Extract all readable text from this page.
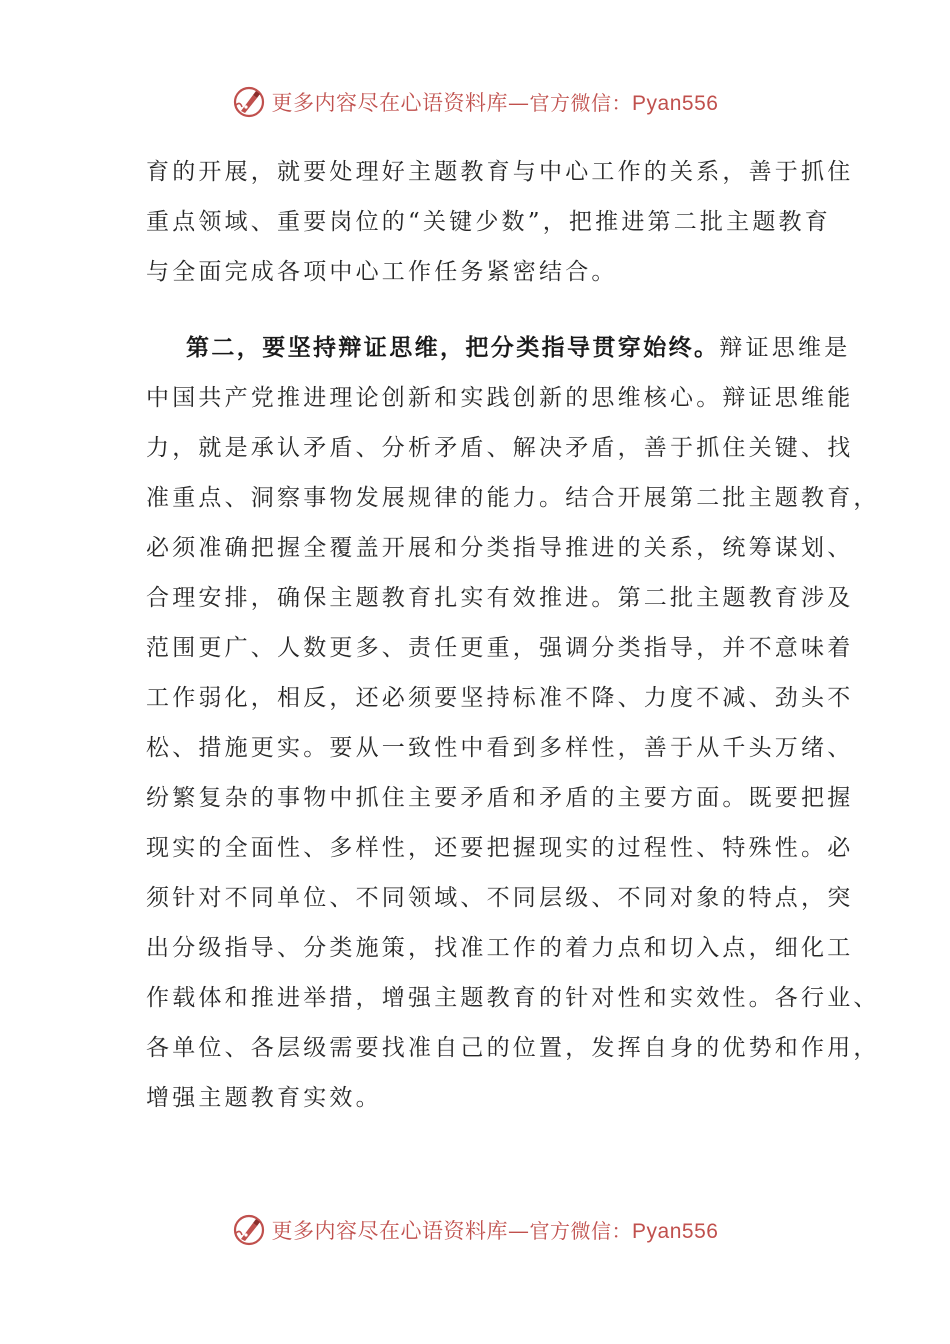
更多内容尽在心语资料库—官方微信：Pyan556
育的开展，就要处理好主题教育与中心工作的关系，善于抓住
重点领域、重要岗位的“关键少数”，把推进第二批主题教育
与全面完成各项中心工作任务紧密结合。
第二，要坚持辩证思维，把分类指导贯穿始终。辩证思维是
中国共产党推进理论创新和实践创新的思维核心。辩证思维能
力，就是承认矛盾、分析矛盾、解决矛盾，善于抓住关键、找
准重点、洞察事物发展规律的能力。结合开展第二批主题教育，
必须准确把握全覆盖开展和分类指导推进的关系，统筹谋划、
合理安排，确保主题教育扎实有效推进。第二批主题教育涉及
范围更广、人数更多、责任更重，强调分类指导，并不意味着
工作弱化，相反，还必须要坚持标准不降、力度不减、劲头不
松、措施更实。要从一致性中看到多样性，善于从千头万绪、
纷繁复杂的事物中抓住主要矛盾和矛盾的主要方面。既要把握
现实的全面性、多样性，还要把握现实的过程性、特殊性。必
须针对不同单位、不同领域、不同层级、不同对象的特点，突
出分级指导、分类施策，找准工作的着力点和切入点，细化工
作载体和推进举措，增强主题教育的针对性和实效性。各行业、
各单位、各层级需要找准自己的位置，发挥自身的优势和作用，
增强主题教育实效。
更多内容尽在心语资料库—官方微信：Pyan556
